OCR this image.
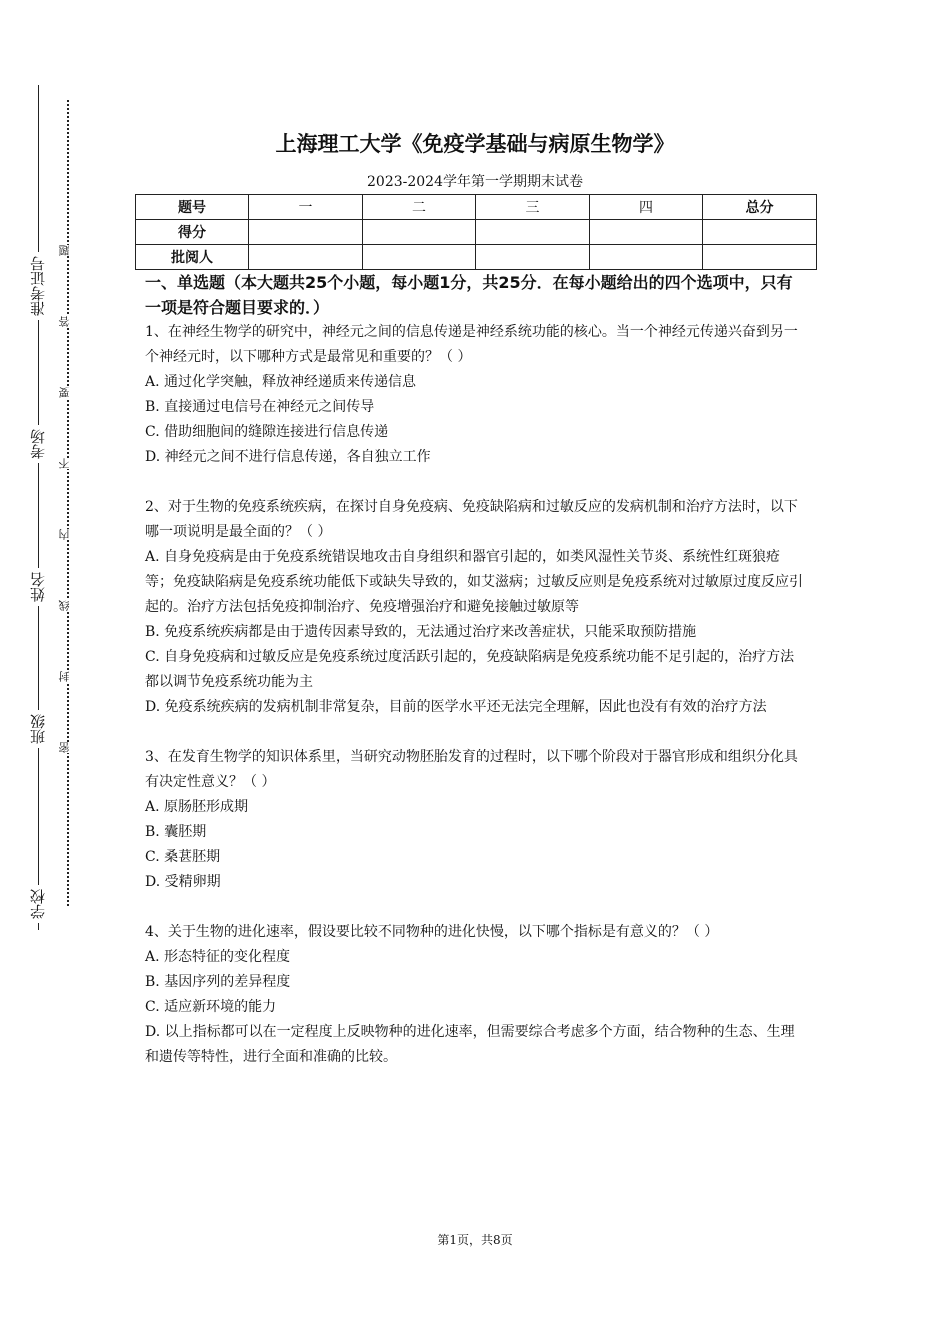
准考证号
考场
姓名
班级
学校
题
答
要
不
内
线
封
密
上海理工大学《免疫学基础与病原生物学》
2023-2024学年第一学期期末试卷
题号	一	二	三	四	总分
得分					
批阅人					

一、单选题（本大题共25个小题，每小题1分，共25分．在每小题给出的四个选项中，只有一项是符合题目要求的．）

1、在神经生物学的研究中，神经元之间的信息传递是神经系统功能的核心。当一个神经元传递兴奋到另一个神经元时，以下哪种方式是最常见和重要的？（ ）

A. 通过化学突触，释放神经递质来传递信息

B. 直接通过电信号在神经元之间传导

C. 借助细胞间的缝隙连接进行信息传递

D. 神经元之间不进行信息传递，各自独立工作

2、对于生物的免疫系统疾病，在探讨自身免疫病、免疫缺陷病和过敏反应的发病机制和治疗方法时，以下哪一项说明是最全面的？（ ）

A. 自身免疫病是由于免疫系统错误地攻击自身组织和器官引起的，如类风湿性关节炎、系统性红斑狼疮等；免疫缺陷病是免疫系统功能低下或缺失导致的，如艾滋病；过敏反应则是免疫系统对过敏原过度反应引起的。治疗方法包括免疫抑制治疗、免疫增强治疗和避免接触过敏原等

B. 免疫系统疾病都是由于遗传因素导致的，无法通过治疗来改善症状，只能采取预防措施

C. 自身免疫病和过敏反应是免疫系统过度活跃引起的，免疫缺陷病是免疫系统功能不足引起的，治疗方法都以调节免疫系统功能为主

D. 免疫系统疾病的发病机制非常复杂，目前的医学水平还无法完全理解，因此也没有有效的治疗方法

3、在发育生物学的知识体系里，当研究动物胚胎发育的过程时，以下哪个阶段对于器官形成和组织分化具有决定性意义？（ ）

A. 原肠胚形成期

B. 囊胚期

C. 桑葚胚期

D. 受精卵期

4、关于生物的进化速率，假设要比较不同物种的进化快慢，以下哪个指标是有意义的？（ ）

A. 形态特征的变化程度

B. 基因序列的差异程度

C. 适应新环境的能力

D. 以上指标都可以在一定程度上反映物种的进化速率，但需要综合考虑多个方面，结合物种的生态、生理和遗传等特性，进行全面和准确的比较。

第1页，共8页
